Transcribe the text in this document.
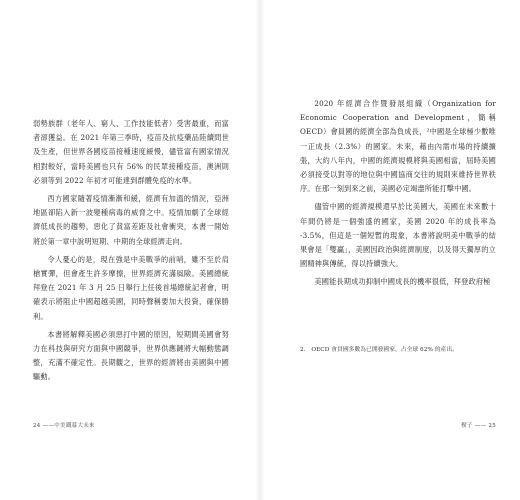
弱勢族群（老年人、窮人、工作技能低者）受害最重，而富者卻獲益。在 2021 年第三季時，疫苗及抗疫藥品陸續問世及生產，但世界各國疫苗接種速度緩慢，儘管富有國家情況相對較好，當時美國也只有 56% 的民眾接種疫苗，澳洲則必須等到 2022 年初才可能達到群體免疫的水準。

西方國家隨著疫情漸漸和緩，經濟有加溫的情況，亞洲地區卻陷入新一波變種病毒的威脅之中。疫情加劇了全球經濟低成長的趨勢，惡化了貧富差距及社會衝突，本書一開始將於第一章中說明短期、中期的全球經濟走向。

令人憂心的是，現在強是中美戰爭的前哨，雖不至於肩槍實彈，但會產生許多摩擦，世界經濟充滿風險。美國總統拜登在 2021 年 3 月 25 日舉行上任後首場總統記者會，明確表示將阻止中國超越美國，同時聲稱要加大投資，確保勝利。

本書將解釋美國必須惡打中國的原因，短期間美國會努力在科技與研究方面與中國競爭，世界供應鏈將大幅動態調整，充滿不確定性。長期觀之，世界的經濟將由美國與中國驅動。

24 ——中美鐵幕大未來

2020 年經濟合作暨發展組織（Organization for Economic Cooperation and Development，簡稱 OECD）會員國的經濟全部為負成長，²中國是全球極少數唯一正成長（2.3%）的國家。未來，藉由內需市場的持續擴張，大約八年內，中國的經濟規模將與美國相當，屆時美國必須接受以對等的地位與中國協商交往的規則來維持世界秩序。在那一刻到來之前，美國必定竭盡所能打擊中國。

儘管中國的經濟規模還早於比美國大，美國在未來數十年間仍將是一個強盛的國家，美國 2020 年的成長率為 -3.5%，但這是一個短暫的現象，本書將說明美中戰爭的結果會是「雙贏」，美國因政治與經濟制度，以及得天獨厚的立國精神與傳統，得以持續強大。

美國能長期成功抑制中國成長的機率很低，拜登政府極

2.　OECD 會員國多數為已開發國家，占全球 62% 的產出。
楔子 —— 25
